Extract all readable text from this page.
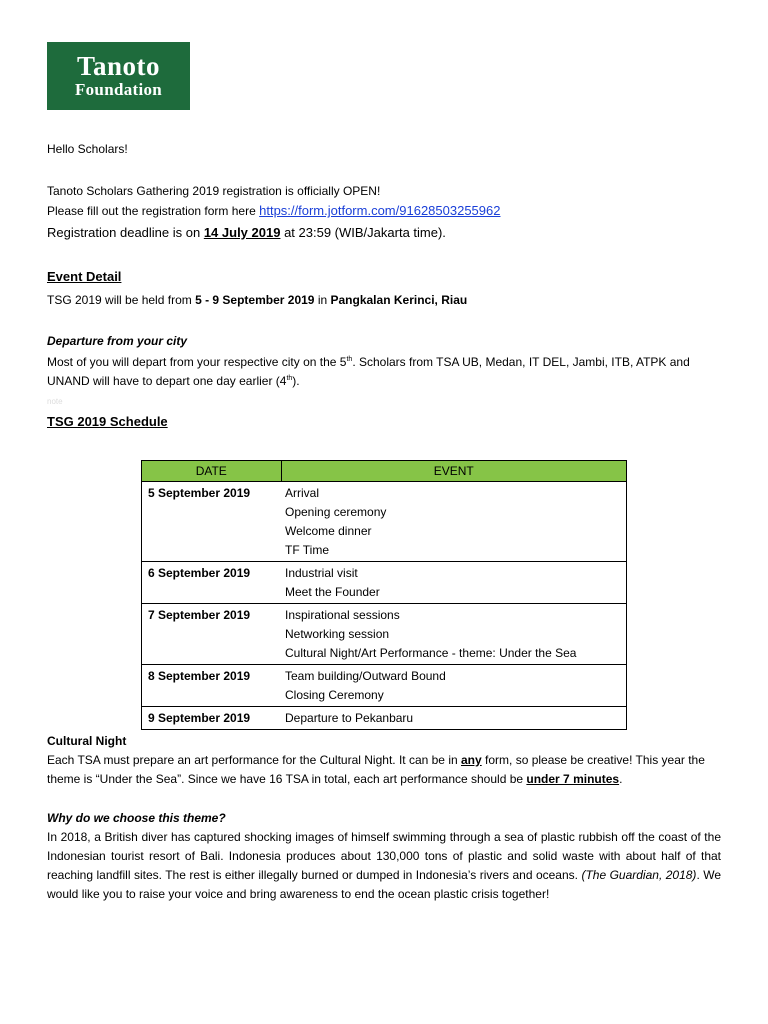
Tanoto
Foundation
Hello Scholars!
Tanoto Scholars Gathering 2019 registration is officially OPEN!
Please fill out the registration form here https://form.jotform.com/91628503255962
Registration deadline is on 14 July 2019 at 23:59 (WIB/Jakarta time).
Event Detail
TSG 2019 will be held from 5 - 9 September 2019 in Pangkalan Kerinci, Riau
Departure from your city
Most of you will depart from your respective city on the 5th. Scholars from TSA UB, Medan, IT DEL, Jambi, ITB, ATPK and
UNAND will have to depart one day earlier (4th).
note
TSG 2019 Schedule
DATE	EVENT
5 September 2019	Arrival
Opening ceremony
Welcome dinner
TF Time

6 September 2019	Industrial visit
Meet the Founder

7 September 2019	Inspirational sessions
Networking session
Cultural Night/Art Performance - theme: Under the Sea

8 September 2019	Team building/Outward Bound
Closing Ceremony

9 September 2019	Departure to Pekanbaru
Cultural Night
Each TSA must prepare an art performance for the Cultural Night. It can be in any form, so please be creative! This year the theme is “Under the Sea”. Since we have 16 TSA in total, each art performance should be under 7 minutes.
Why do we choose this theme?
In 2018, a British diver has captured shocking images of himself swimming through a sea of plastic rubbish off the coast of the Indonesian tourist resort of Bali. Indonesia produces about 130,000 tons of plastic and solid waste with about half of that reaching landfill sites. The rest is either illegally burned or dumped in Indonesia’s rivers and oceans. (The Guardian, 2018). We would like you to raise your voice and bring awareness to end the ocean plastic crisis together!
